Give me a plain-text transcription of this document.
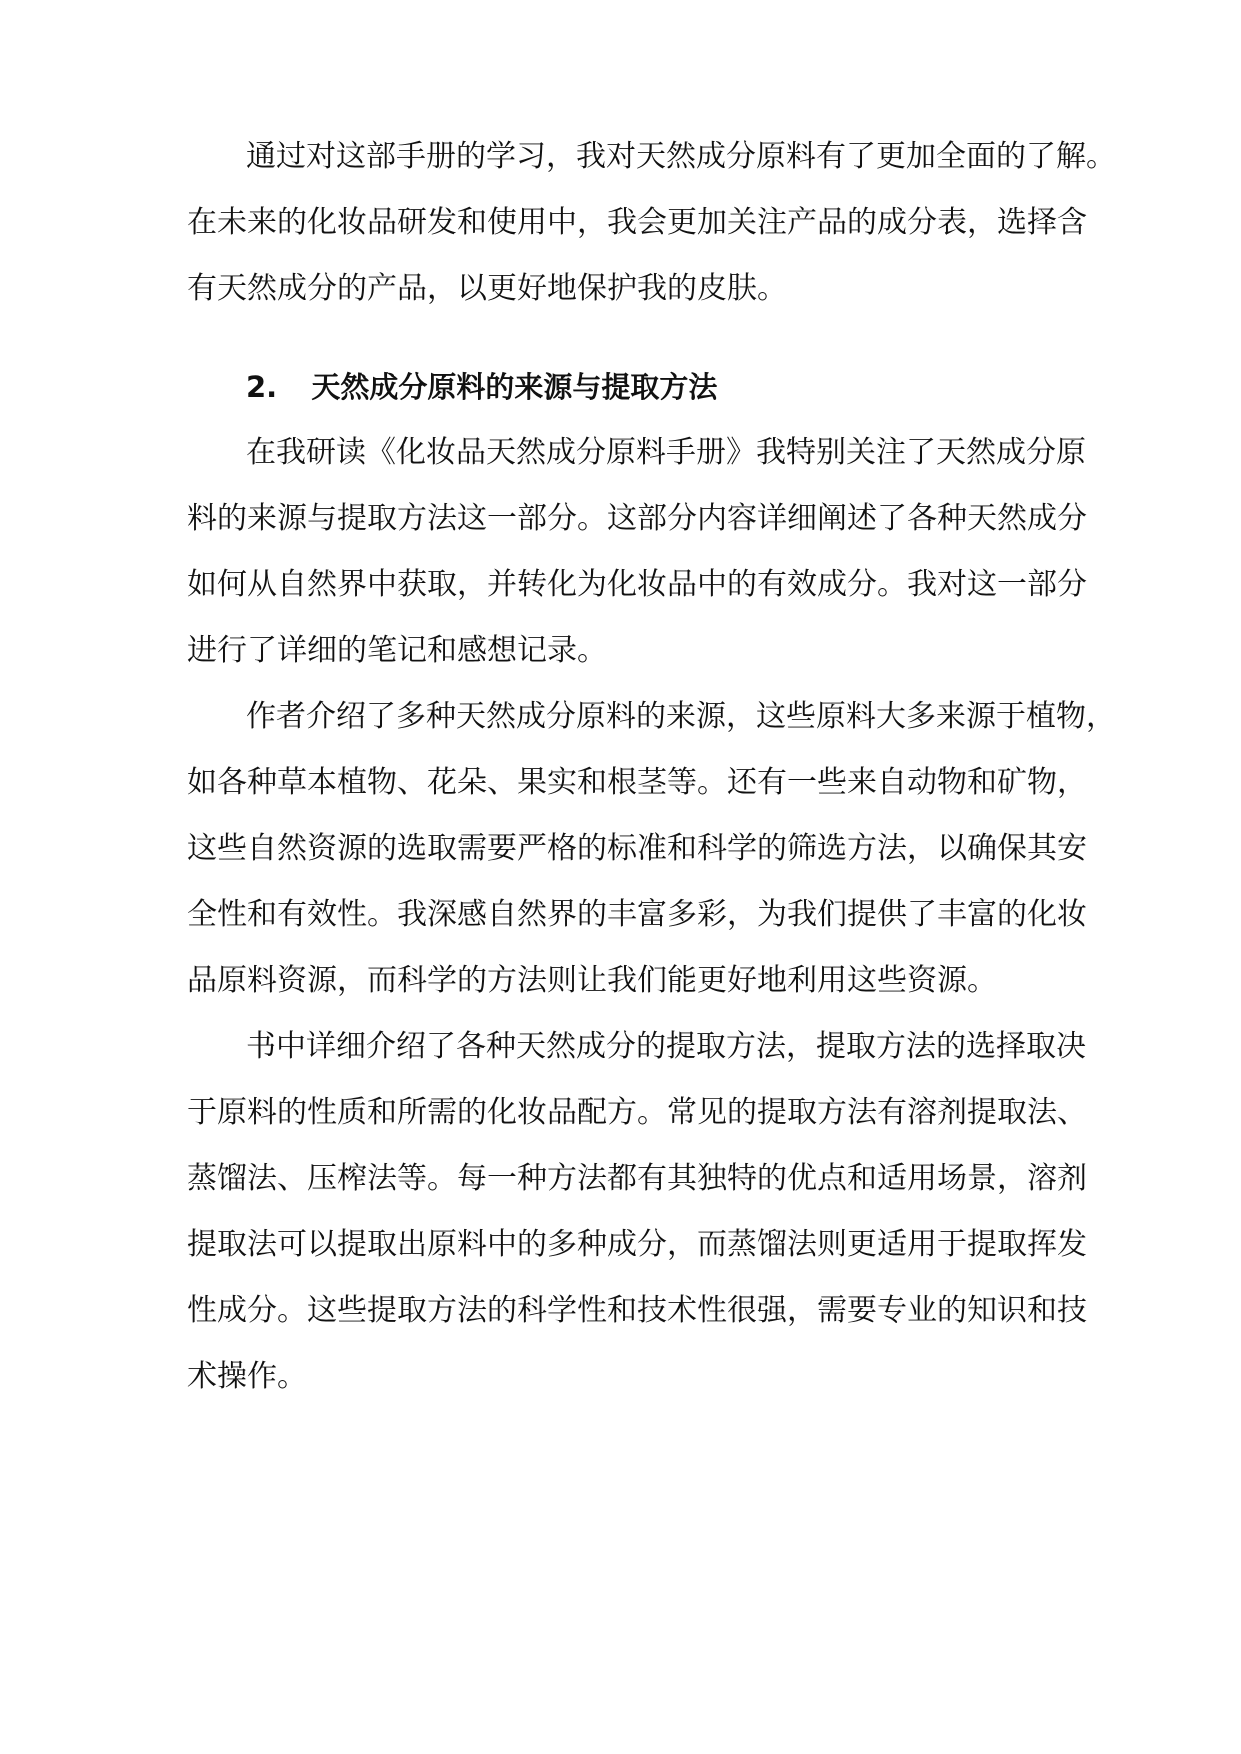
通过对这部手册的学习，我对天然成分原料有了更加全面的了解。
在未来的化妆品研发和使用中，我会更加关注产品的成分表，选择含
有天然成分的产品，以更好地保护我的皮肤。
2. 天然成分原料的来源与提取方法
在我研读《化妆品天然成分原料手册》我特别关注了天然成分原
料的来源与提取方法这一部分。这部分内容详细阐述了各种天然成分
如何从自然界中获取，并转化为化妆品中的有效成分。我对这一部分
进行了详细的笔记和感想记录。
作者介绍了多种天然成分原料的来源，这些原料大多来源于植物，
如各种草本植物、花朵、果实和根茎等。还有一些来自动物和矿物，
这些自然资源的选取需要严格的标准和科学的筛选方法，以确保其安
全性和有效性。我深感自然界的丰富多彩，为我们提供了丰富的化妆
品原料资源，而科学的方法则让我们能更好地利用这些资源。
书中详细介绍了各种天然成分的提取方法，提取方法的选择取决
于原料的性质和所需的化妆品配方。常见的提取方法有溶剂提取法、
蒸馏法、压榨法等。每一种方法都有其独特的优点和适用场景，溶剂
提取法可以提取出原料中的多种成分，而蒸馏法则更适用于提取挥发
性成分。这些提取方法的科学性和技术性很强，需要专业的知识和技
术操作。
